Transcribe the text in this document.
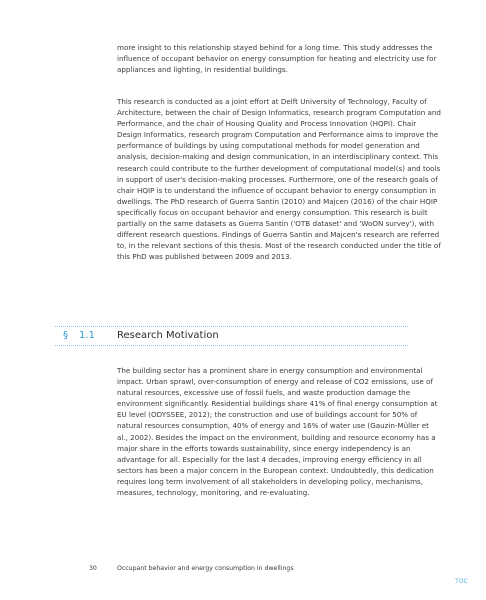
more insight to this relationship stayed behind for a long time. This study addresses the influence of occupant behavior on energy consumption for heating and electricity use for appliances and lighting, in residential buildings.

This research is conducted as a joint effort at Delft University of Technology, Faculty of Architecture, between the chair of Design Informatics, research program Computation and Performance, and the chair of Housing Quality and Process Innovation (HQPI). Chair Design Informatics, research program Computation and Performance aims to improve the performance of buildings by using computational methods for model generation and analysis, decision-making and design communication, in an interdisciplinary context. This research could contribute to the further development of computational model(s) and tools in support of user's decision-making processes. Furthermore, one of the research goals of chair HQIP is to understand the influence of occupant behavior to energy consumption in dwellings. The PhD research of Guerra Santin (2010) and Majcen (2016) of the chair HQIP specifically focus on occupant behavior and energy consumption. This research is built partially on the same datasets as Guerra Santin ('OTB dataset' and 'WoON survey'), with different research questions. Findings of Guerra Santin and Majcen's research are referred to, in the relevant sections of this thesis. Most of the research conducted under the title of this PhD was published between 2009 and 2013.

§ 1.1 Research Motivation

The building sector has a prominent share in energy consumption and environmental impact. Urban sprawl, over-consumption of energy and release of CO2 emissions, use of natural resources, excessive use of fossil fuels, and waste production damage the environment significantly. Residential buildings share 41% of final energy consumption at EU level (ODYSSEE, 2012); the construction and use of buildings account for 50% of natural resources consumption, 40% of energy and 16% of water use (Gauzin-Müller et al., 2002). Besides the impact on the environment, building and resource economy has a major share in the efforts towards sustainability, since energy independency is an advantage for all. Especially for the last 4 decades, improving energy efficiency in all sectors has been a major concern in the European context. Undoubtedly, this dedication requires long term involvement of all stakeholders in developing policy, mechanisms, measures, technology, monitoring, and re-evaluating.

30	Occupant behavior and energy consumption in dwellings
TOC
